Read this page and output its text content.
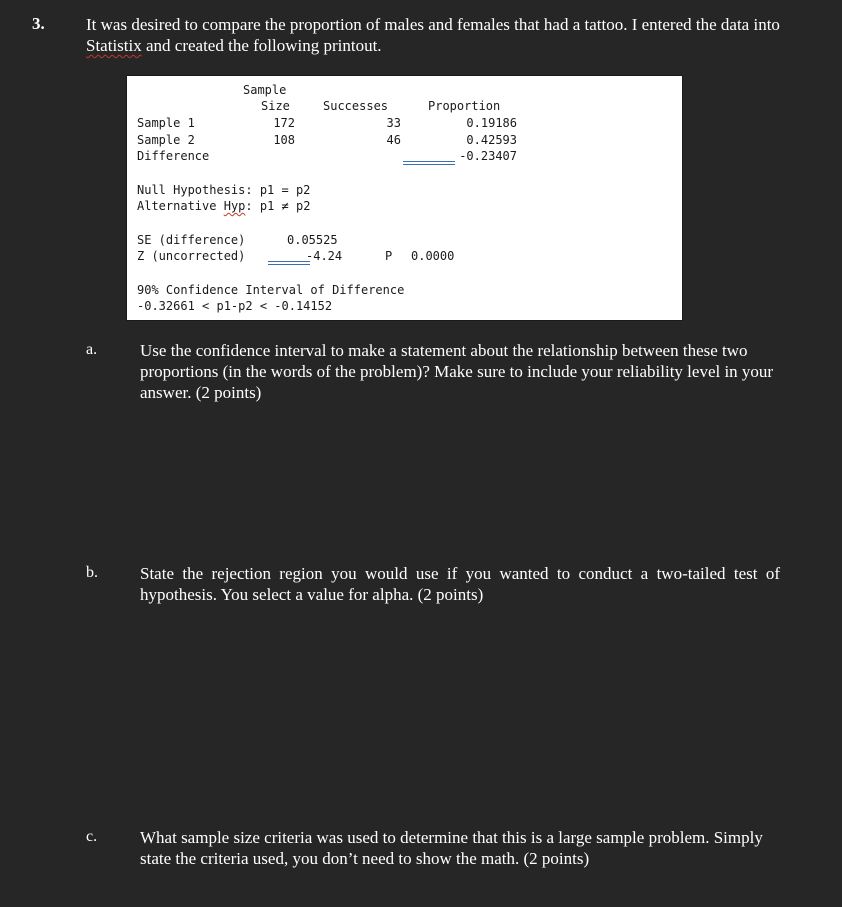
3. It was desired to compare the proportion of males and females that had a tattoo. I entered the data into Statistix and created the following printout.
Sample
Size	Successes	Proportion
Sample 1	172	33	0.19186
Sample 2	108	46	0.42593
Difference	-0.23407
Null Hypothesis: p1 = p2
Alternative Hyp: p1 ≠ p2
SE (difference)	0.05525
Z (uncorrected)	-4.24	P 0.0000
90% Confidence Interval of Difference
-0.32661 < p1-p2 < -0.14152
a.	Use the confidence interval to make a statement about the relationship between these two proportions (in the words of the problem)? Make sure to include your reliability level in your answer. (2 points)
b. State the rejection region you would use if you wanted to conduct a two-tailed test of hypothesis. You select a value for alpha. (2 points)
c.	What sample size criteria was used to determine that this is a large sample problem. Simply state the criteria used, you don’t need to show the math. (2 points)
